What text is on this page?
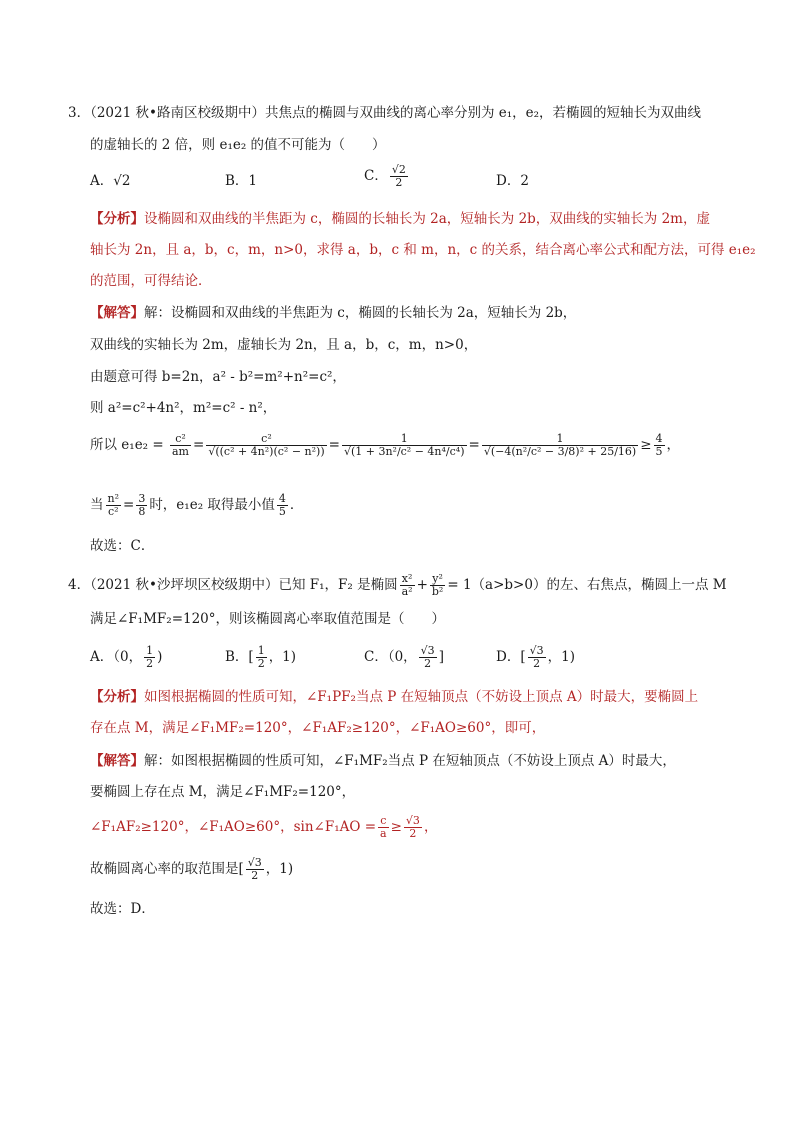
3．（2021 秋•路南区校级期中）共焦点的椭圆与双曲线的离心率分别为 e₁，e₂，若椭圆的短轴长为双曲线
的虚轴长的 2 倍，则 e₁e₂ 的值不可能为（　　）
A．√2	B．1	C． $\frac{√2}{2}$	D．2
【分析】设椭圆和双曲线的半焦距为 c，椭圆的长轴长为 2a，短轴长为 2b，双曲线的实轴长为 2m，虚
轴长为 2n，且 a，b，c，m，n>0，求得 a，b，c 和 m，n，c 的关系，结合离心率公式和配方法，可得 e₁e₂
的范围，可得结论．
【解答】解：设椭圆和双曲线的半焦距为 c，椭圆的长轴长为 2a，短轴长为 2b，
双曲线的实轴长为 2m，虚轴长为 2n，且 a，b，c，m，n>0，
由题意可得 b=2n，a² - b²=m²+n²=c²，
则 a²=c²+4n²，m²=c² - n²，
所以 $e_1e_2 = \frac{\text{c²}}{am} = \frac{\text{c²}}{\text{√((c² + 4n²)(c² − n²))}} = \frac{1}{\text{√(1 + 3n²/c² − 4n⁴/c⁴)}} = \frac{1}{\text{√(−4(n²/c² − 3/8)² + 25/16)}} \ge \frac{4}{5}$ ，
当 $\frac{\text{n²}}{\text{c²}} = \frac{3}{8}$ 时，e₁e₂ 取得最小值 $\frac{4}{5}$ ．
故选：C．
4．（2021 秋•沙坪坝区校级期中）已知 F₁，F₂ 是椭圆 $\frac{\text{x²}}{\text{a²}} + \frac{\text{y²}}{\text{b²}} = 1(a>b>0)$的左、右焦点，椭圆上一点 M
满足∠F₁MF₂=120°，则该椭圆离心率取值范围是（　　）
A．（0， $\frac{1}{2}$ )	B．[ $\frac{1}{2}$ ，1)	C．（0， $\frac{√3}{2}$ ]	D．[ $\frac{√3}{2}$ ，1)
【分析】如图根据椭圆的性质可知，∠F₁PF₂当点 P 在短轴顶点（不妨设上顶点 A）时最大，要椭圆上
存在点 M，满足∠F₁MF₂=120°，∠F₁AF₂≥120°，∠F₁AO≥60°，即可，
【解答】解：如图根据椭圆的性质可知，∠F₁MF₂当点 P 在短轴顶点（不妨设上顶点 A）时最大，
要椭圆上存在点 M，满足∠F₁MF₂=120°，
∠F₁AF₂≥120°，∠F₁AO≥60°，sin∠F₁AO = $\frac{c}{a} \ge \frac{√3}{2}$ ，
故椭圆离心率的取范围是[ $\frac{√3}{2}$ ，1)
故选：D．
